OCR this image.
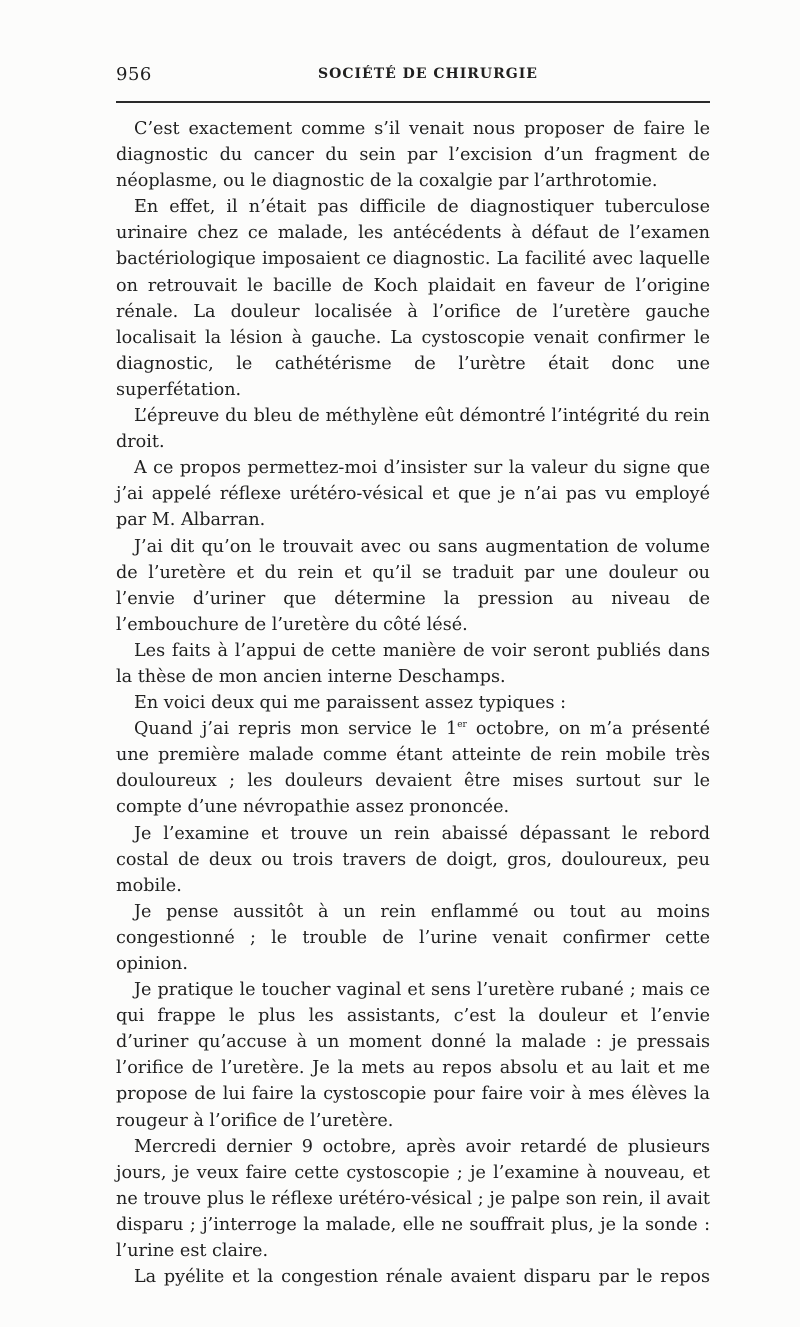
956	SOCIÉTÉ DE CHIRURGIE

C’est exactement comme s’il venait nous proposer de faire le diagnostic du cancer du sein par l’excision d’un fragment de néoplasme, ou le diagnostic de la coxalgie par l’arthrotomie.

En effet, il n’était pas difficile de diagnostiquer tuberculose urinaire chez ce malade, les antécédents à défaut de l’examen bactériologique imposaient ce diagnostic. La facilité avec laquelle on retrouvait le bacille de Koch plaidait en faveur de l’origine rénale. La douleur localisée à l’orifice de l’uretère gauche localisait la lésion à gauche. La cystoscopie venait confirmer le diagnostic, le cathétérisme de l’urètre était donc une superfétation.

L’épreuve du bleu de méthylène eût démontré l’intégrité du rein droit.

A ce propos permettez-moi d’insister sur la valeur du signe que j’ai appelé réflexe urétéro-vésical et que je n’ai pas vu employé par M. Albarran.

J’ai dit qu’on le trouvait avec ou sans augmentation de volume de l’uretère et du rein et qu’il se traduit par une douleur ou l’envie d’uriner que détermine la pression au niveau de l’embouchure de l’uretère du côté lésé.

Les faits à l’appui de cette manière de voir seront publiés dans la thèse de mon ancien interne Deschamps.

En voici deux qui me paraissent assez typiques :

Quand j’ai repris mon service le 1er octobre, on m’a présenté une première malade comme étant atteinte de rein mobile très douloureux ; les douleurs devaient être mises surtout sur le compte d’une névropathie assez prononcée.

Je l’examine et trouve un rein abaissé dépassant le rebord costal de deux ou trois travers de doigt, gros, douloureux, peu mobile.

Je pense aussitôt à un rein enflammé ou tout au moins congestionné ; le trouble de l’urine venait confirmer cette opinion.

Je pratique le toucher vaginal et sens l’uretère rubané ; mais ce qui frappe le plus les assistants, c’est la douleur et l’envie d’uriner qu’accuse à un moment donné la malade : je pressais l’orifice de l’uretère. Je la mets au repos absolu et au lait et me propose de lui faire la cystoscopie pour faire voir à mes élèves la rougeur à l’orifice de l’uretère.

Mercredi dernier 9 octobre, après avoir retardé de plusieurs jours, je veux faire cette cystoscopie ; je l’examine à nouveau, et ne trouve plus le réflexe urétéro-vésical ; je palpe son rein, il avait disparu ; j’interroge la malade, elle ne souffrait plus, je la sonde : l’urine est claire.

La pyélite et la congestion rénale avaient disparu par le repos
